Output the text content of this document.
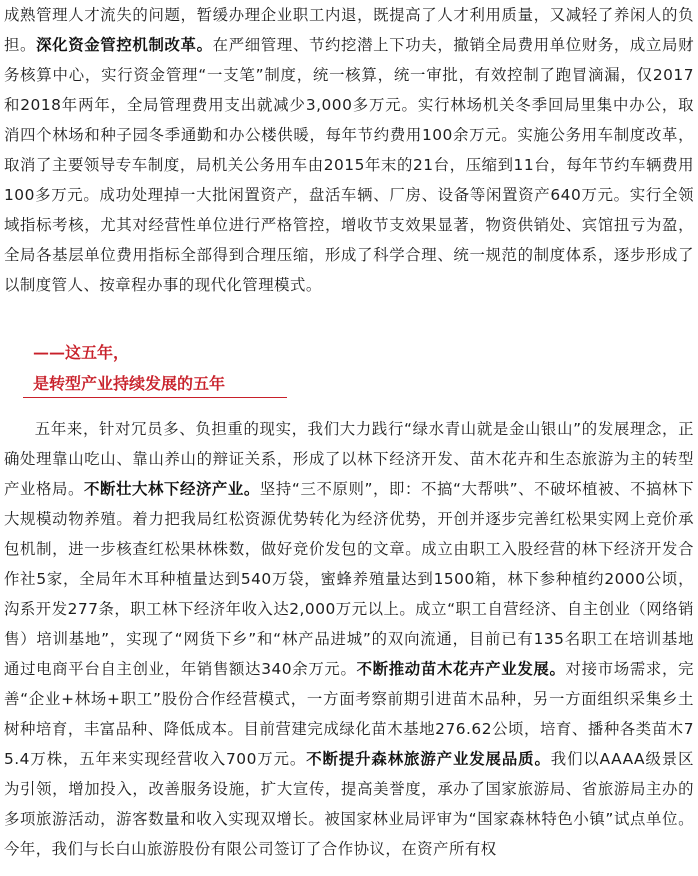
成熟管理人才流失的问题，暂缓办理企业职工内退，既提高了人才利用质量，又减轻了养闲人的负担。深化资金管控机制改革。在严细管理、节约挖潜上下功夫，撤销全局费用单位财务，成立局财务核算中心，实行资金管理“一支笔”制度，统一核算，统一审批，有效控制了跑冒滴漏，仅2017和2018年两年，全局管理费用支出就减少3,000多万元。实行林场机关冬季回局里集中办公，取消四个林场和种子园冬季通勤和办公楼供暖，每年节约费用100余万元。实施公务用车制度改革，取消了主要领导专车制度，局机关公务用车由2015年末的21台，压缩到11台，每年节约车辆费用100多万元。成功处理掉一大批闲置资产，盘活车辆、厂房、设备等闲置资产640万元。实行全领域指标考核，尤其对经营性单位进行严格管控，增收节支效果显著，物资供销处、宾馆扭亏为盈，全局各基层单位费用指标全部得到合理压缩，形成了科学合理、统一规范的制度体系，逐步形成了以制度管人、按章程办事的现代化管理模式。

——这五年，
是转型产业持续发展的五年

五年来，针对冗员多、负担重的现实，我们大力践行“绿水青山就是金山银山”的发展理念，正确处理靠山吃山、靠山养山的辩证关系，形成了以林下经济开发、苗木花卉和生态旅游为主的转型产业格局。不断壮大林下经济产业。坚持“三不原则”，即：不搞“大帮哄”、不破坏植被、不搞林下大规模动物养殖。着力把我局红松资源优势转化为经济优势，开创并逐步完善红松果实网上竞价承包机制，进一步核查红松果林株数，做好竞价发包的文章。成立由职工入股经营的林下经济开发合作社5家，全局年木耳种植量达到540万袋，蜜蜂养殖量达到1500箱，林下参种植约2000公顷，沟系开发277条，职工林下经济年收入达2,000万元以上。成立“职工自营经济、自主创业（网络销售）培训基地”，实现了“网货下乡”和“林产品进城”的双向流通，目前已有135名职工在培训基地通过电商平台自主创业，年销售额达340余万元。不断推动苗木花卉产业发展。对接市场需求，完善“企业+林场+职工”股份合作经营模式，一方面考察前期引进苗木品种，另一方面组织采集乡土树种培育，丰富品种、降低成本。目前营建完成绿化苗木基地276.62公顷，培育、播种各类苗木75.4万株，五年来实现经营收入700万元。不断提升森林旅游产业发展品质。我们以AAAA级景区为引领，增加投入，改善服务设施，扩大宣传，提高美誉度，承办了国家旅游局、省旅游局主办的多项旅游活动，游客数量和收入实现双增长。被国家林业局评审为“国家森林特色小镇”试点单位。今年，我们与长白山旅游股份有限公司签订了合作协议，在资产所有权
